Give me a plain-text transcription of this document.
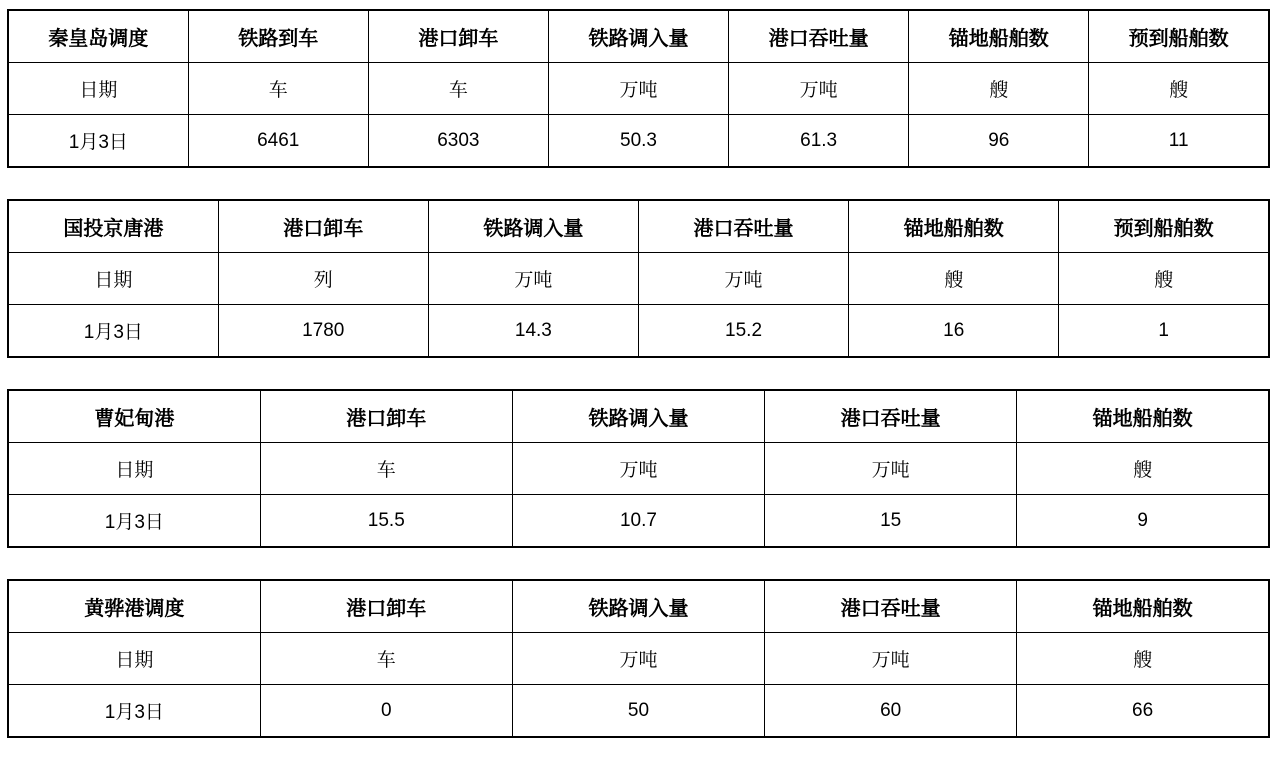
秦皇岛调度	铁路到车	港口卸车	铁路调入量	港口吞吐量	锚地船舶数	预到船舶数
日期	车	车	万吨	万吨	艘	艘
1月3日	6461	6303	50.3	61.3	96	11
国投京唐港	港口卸车	铁路调入量	港口吞吐量	锚地船舶数	预到船舶数
日期	列	万吨	万吨	艘	艘
1月3日	1780	14.3	15.2	16	1
曹妃甸港	港口卸车	铁路调入量	港口吞吐量	锚地船舶数
日期	车	万吨	万吨	艘
1月3日	15.5	10.7	15	9
黄骅港调度	港口卸车	铁路调入量	港口吞吐量	锚地船舶数
日期	车	万吨	万吨	艘
1月3日	0	50	60	66
